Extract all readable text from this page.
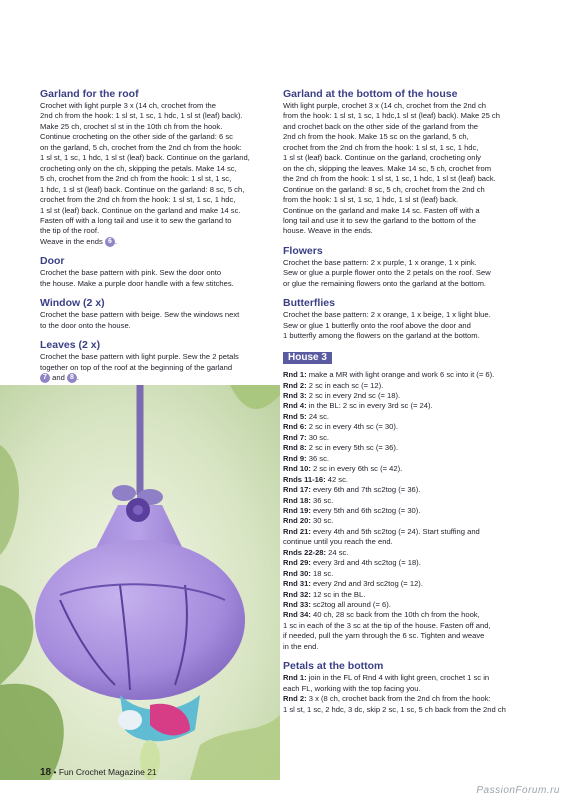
Garland for the roof

Crochet with light purple 3 x (14 ch, crochet from the
2nd ch from the hook: 1 sl st, 1 sc, 1 hdc, 1 sl st (leaf) back).
Make 25 ch, crochet sl st in the 10th ch from the hook.
Continue crocheting on the other side of the garland: 6 sc
on the garland, 5 ch, crochet from the 2nd ch from the hook:
1 sl st, 1 sc, 1 hdc, 1 sl st (leaf) back. Continue on the garland,
crocheting only on the ch, skipping the petals. Make 14 sc,
5 ch, crochet from the 2nd ch from the hook: 1 sl st, 1 sc,
1 hdc, 1 sl st (leaf) back. Continue on the garland: 8 sc, 5 ch,
crochet from the 2nd ch from the hook: 1 sl st, 1 sc, 1 hdc,
1 sl st (leaf) back. Continue on the garland and make 14 sc.
Fasten off with a long tail and use it to sew the garland to
the tip of the roof.
Weave in the ends 6 .

Door

Crochet the base pattern with pink. Sew the door onto
the house. Make a purple door handle with a few stitches.

Window (2 x)

Crochet the base pattern with beige. Sew the windows next
to the door onto the house.

Leaves (2 x)

Crochet the base pattern with light purple. Sew the 2 petals
together on top of the roof at the beginning of the garland
7 and 8 .

Garland at the bottom of the house

With light purple, crochet 3 x (14 ch, crochet from the 2nd ch
from the hook: 1 sl st, 1 sc, 1 hdc,1 sl st (leaf) back). Make 25 ch
and crochet back on the other side of the garland from the
2nd ch from the hook. Make 15 sc on the garland, 5 ch,
crochet from the 2nd ch from the hook: 1 sl st, 1 sc, 1 hdc,
1 sl st (leaf) back. Continue on the garland, crocheting only
on the ch, skipping the leaves. Make 14 sc, 5 ch, crochet from
the 2nd ch from the hook: 1 sl st, 1 sc, 1 hdc, 1 sl st (leaf) back.
Continue on the garland: 8 sc, 5 ch, crochet from the 2nd ch
from the hook: 1 sl st, 1 sc, 1 hdc, 1 sl st (leaf) back.
Continue on the garland and make 14 sc. Fasten off with a
long tail and use it to sew the garland to the bottom of the
house. Weave in the ends.

Flowers

Crochet the base pattern: 2 x purple, 1 x orange, 1 x pink.
Sew or glue a purple flower onto the 2 petals on the roof. Sew
or glue the remaining flowers onto the garland at the bottom.

Butterflies

Crochet the base pattern: 2 x orange, 1 x beige, 1 x light blue.
Sew or glue 1 butterfly onto the roof above the door and
1 butterfly among the flowers on the garland at the bottom.

House 3

Rnd 1: make a MR with light orange and work 6 sc into it (= 6).

Rnd 2: 2 sc in each sc (= 12).

Rnd 3: 2 sc in every 2nd sc (= 18).

Rnd 4: in the BL: 2 sc in every 3rd sc (= 24).

Rnd 5: 24 sc.

Rnd 6: 2 sc in every 4th sc (= 30).

Rnd 7: 30 sc.

Rnd 8: 2 sc in every 5th sc (= 36).

Rnd 9: 36 sc.

Rnd 10: 2 sc in every 6th sc (= 42).

Rnds 11-16: 42 sc.

Rnd 17: every 6th and 7th sc2tog (= 36).

Rnd 18: 36 sc.

Rnd 19: every 5th and 6th sc2tog (= 30).

Rnd 20: 30 sc.

Rnd 21: every 4th and 5th sc2tog (= 24). Start stuffing and

continue until you reach the end.

Rnds 22-28: 24 sc.

Rnd 29: every 3rd and 4th sc2tog (= 18).

Rnd 30: 18 sc.

Rnd 31: every 2nd and 3rd sc2tog (= 12).

Rnd 32: 12 sc in the BL.

Rnd 33: sc2tog all around (= 6).

Rnd 34: 40 ch, 28 sc back from the 10th ch from the hook,

1 sc in each of the 3 sc at the tip of the house. Fasten off and,

if needed, pull the yarn through the 6 sc. Tighten and weave

in the end.

Petals at the bottom

Rnd 1: join in the FL of Rnd 4 with light green, crochet 1 sc in

each FL, working with the top facing you.

Rnd 2: 3 x (8 ch, crochet back from the 2nd ch from the hook:

1 sl st, 1 sc, 2 hdc, 3 dc, skip 2 sc, 1 sc, 5 ch back from the 2nd ch

18 • Fun Crochet Magazine 21
PassionForum.ru
